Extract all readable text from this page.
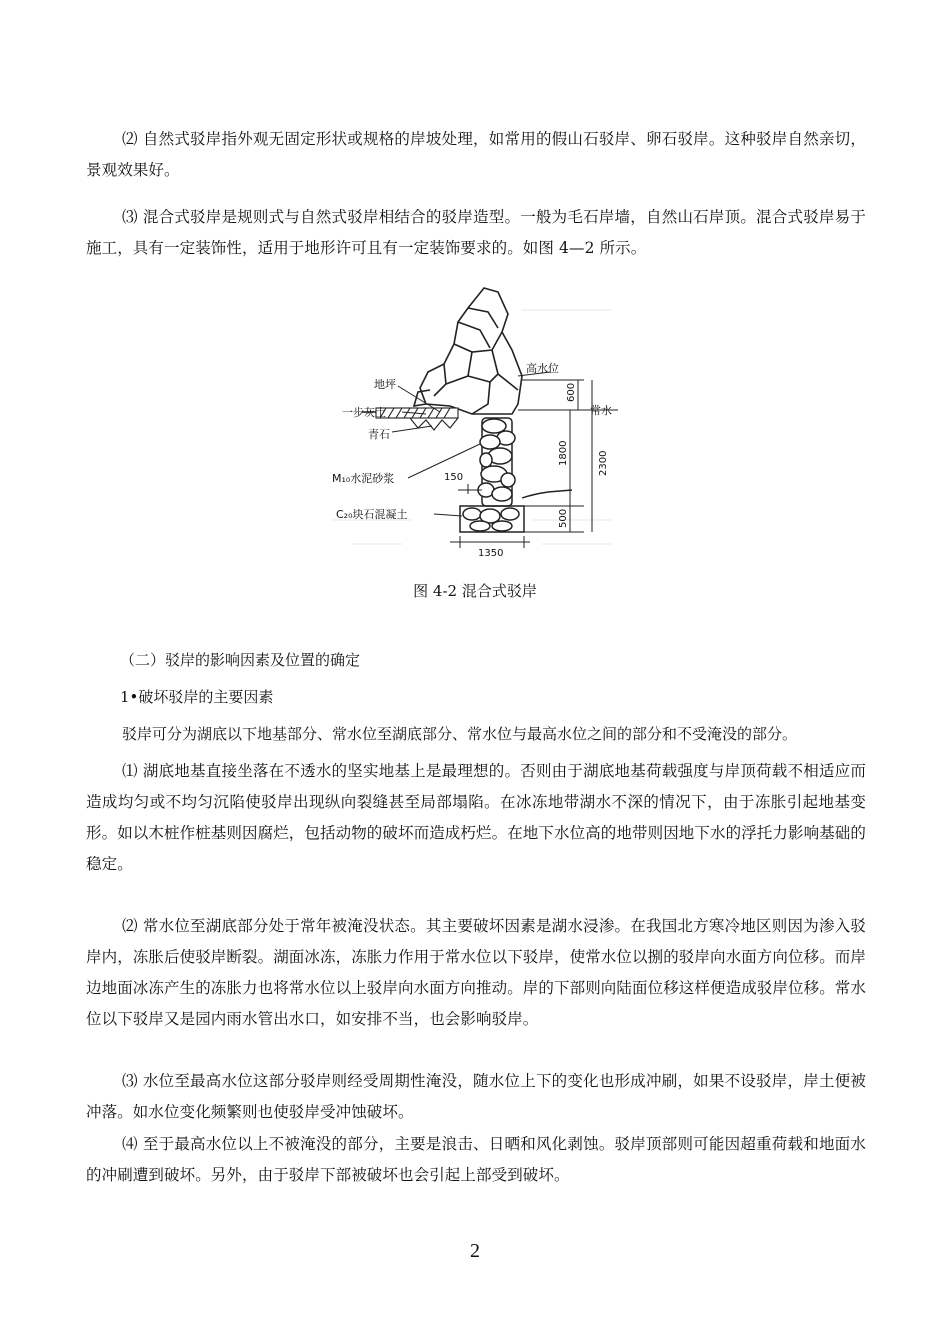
⑵ 自然式驳岸指外观无固定形状或规格的岸坡处理，如常用的假山石驳岸、卵石驳岸。这种驳岸自然亲切，景观效果好。

⑶ 混合式驳岸是规则式与自然式驳岸相结合的驳岸造型。一般为毛石岸墙，自然山石岸顶。混合式驳岸易于施工，具有一定装饰性，适用于地形许可且有一定装饰要求的。如图 4—2 所示。

地坪
一步灰土
青石
M₁₀水泥砂浆
C₂₀块石混凝土
高水位
常水
150
1350
600
1800	2300
500
图 4-2 混合式驳岸
（二）驳岸的影响因素及位置的确定
1•破坏驳岸的主要因素
驳岸可分为湖底以下地基部分、常水位至湖底部分、常水位与最高水位之间的部分和不受淹没的部分。

⑴ 湖底地基直接坐落在不透水的坚实地基上是最理想的。否则由于湖底地基荷载强度与岸顶荷载不相适应而造成均匀或不均匀沉陷使驳岸出现纵向裂缝甚至局部塌陷。在冰冻地带湖水不深的情况下，由于冻胀引起地基变形。如以木桩作桩基则因腐烂，包括动物的破坏而造成朽烂。在地下水位高的地带则因地下水的浮托力影响基础的稳定。

⑵ 常水位至湖底部分处于常年被淹没状态。其主要破坏因素是湖水浸渗。在我国北方寒冷地区则因为渗入驳岸内，冻胀后使驳岸断裂。湖面冰冻，冻胀力作用于常水位以下驳岸，使常水位以捌的驳岸向水面方向位移。而岸边地面冰冻产生的冻胀力也将常水位以上驳岸向水面方向推动。岸的下部则向陆面位移这样便造成驳岸位移。常水位以下驳岸又是园内雨水管出水口，如安排不当，也会影响驳岸。

⑶ 水位至最高水位这部分驳岸则经受周期性淹没，随水位上下的变化也形成冲刷，如果不设驳岸，岸土便被冲落。如水位变化频繁则也使驳岸受冲蚀破坏。

⑷ 至于最高水位以上不被淹没的部分，主要是浪击、日晒和风化剥蚀。驳岸顶部则可能因超重荷载和地面水的冲刷遭到破坏。另外，由于驳岸下部被破坏也会引起上部受到破坏。

2
